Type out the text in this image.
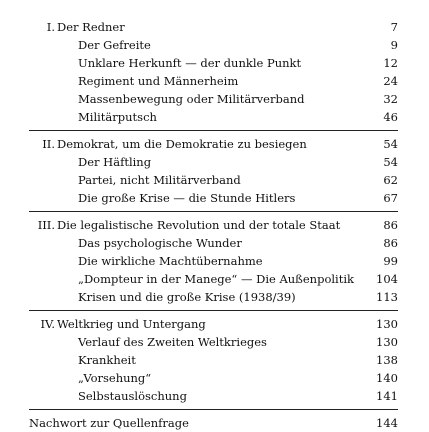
I. Der Redner	7
Der Gefreite	9
Unklare Herkunft — der dunkle Punkt	12
Regiment und Männerheim	24
Massenbewegung oder Militärverband	32
Militärputsch	46
II. Demokrat, um die Demokratie zu besiegen	54
Der Häftling	54
Partei, nicht Militärverband	62
Die große Krise — die Stunde Hitlers	67
III. Die legalistische Revolution und der totale Staat	86
Das psychologische Wunder	86
Die wirkliche Machtübernahme	99
„Dompteur in der Manege“ — Die Außenpolitik 104
Krisen und die große Krise (1938/39)	113
IV. Weltkrieg und Untergang	130
Verlauf des Zweiten Weltkrieges	130
Krankheit	138
„Vorsehung“	140
Selbstauslöschung	141
Nachwort zur Quellenfrage	144
